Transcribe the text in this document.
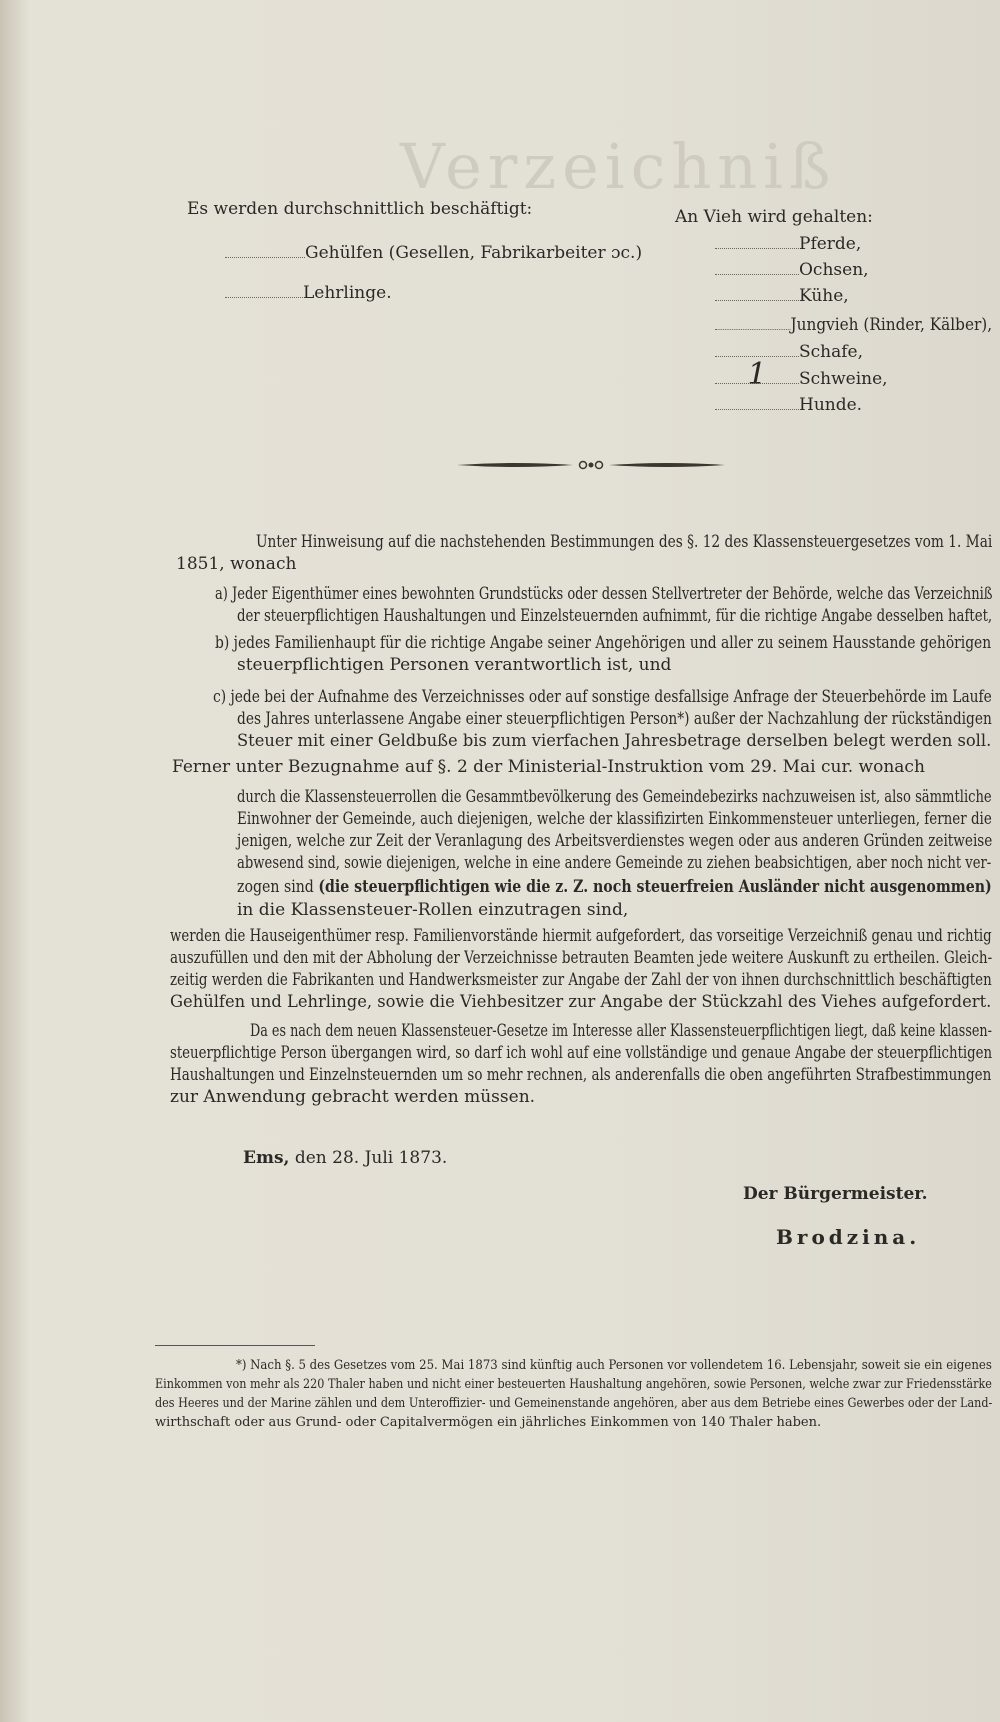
Verzeichniß
Es werden durchschnittlich beschäftigt:
Gehülfen (Gesellen, Fabrikarbeiter ɔc.)
Lehrlinge.
An Vieh wird gehalten:
Pferde,
Ochsen,
Kühe,
Jungvieh (Rinder, Kälber),
Schafe,
1 Schweine,
Hunde.
Unter Hinweisung auf die nachstehenden Bestimmungen des §. 12 des Klassensteuergesetzes vom 1. Mai
1851, wonach
a) Jeder Eigenthümer eines bewohnten Grundstücks oder dessen Stellvertreter der Behörde, welche das Verzeichniß
der steuerpflichtigen Haushaltungen und Einzelsteuernden aufnimmt, für die richtige Angabe desselben haftet,
b) jedes Familienhaupt für die richtige Angabe seiner Angehörigen und aller zu seinem Hausstande gehörigen
steuerpflichtigen Personen verantwortlich ist, und
c) jede bei der Aufnahme des Verzeichnisses oder auf sonstige desfallsige Anfrage der Steuerbehörde im Laufe
des Jahres unterlassene Angabe einer steuerpflichtigen Person*) außer der Nachzahlung der rückständigen
Steuer mit einer Geldbuße bis zum vierfachen Jahresbetrage derselben belegt werden soll.
Ferner unter Bezugnahme auf §. 2 der Ministerial-Instruktion vom 29. Mai cur. wonach
durch die Klassensteuerrollen die Gesammtbevölkerung des Gemeindebezirks nachzuweisen ist, also sämmtliche
Einwohner der Gemeinde, auch diejenigen, welche der klassifizirten Einkommensteuer unterliegen, ferner die
jenigen, welche zur Zeit der Veranlagung des Arbeitsverdienstes wegen oder aus anderen Gründen zeitweise
abwesend sind, sowie diejenigen, welche in eine andere Gemeinde zu ziehen beabsichtigen, aber noch nicht ver-
zogen sind (die steuerpflichtigen wie die z. Z. noch steuerfreien Ausländer nicht ausgenommen)
in die Klassensteuer-Rollen einzutragen sind,
werden die Hauseigenthümer resp. Familienvorstände hiermit aufgefordert, das vorseitige Verzeichniß genau und richtig
auszufüllen und den mit der Abholung der Verzeichnisse betrauten Beamten jede weitere Auskunft zu ertheilen. Gleich-
zeitig werden die Fabrikanten und Handwerksmeister zur Angabe der Zahl der von ihnen durchschnittlich beschäftigten
Gehülfen und Lehrlinge, sowie die Viehbesitzer zur Angabe der Stückzahl des Viehes aufgefordert.
Da es nach dem neuen Klassensteuer-Gesetze im Interesse aller Klassensteuerpflichtigen liegt, daß keine klassen-
steuerpflichtige Person übergangen wird, so darf ich wohl auf eine vollständige und genaue Angabe der steuerpflichtigen
Haushaltungen und Einzelnsteuernden um so mehr rechnen, als anderenfalls die oben angeführten Strafbestimmungen
zur Anwendung gebracht werden müssen.
Ems, den 28. Juli 1873.
Der Bürgermeister.
Brodzina.
*) Nach §. 5 des Gesetzes vom 25. Mai 1873 sind künftig auch Personen vor vollendetem 16. Lebensjahr, soweit sie ein eigenes
Einkommen von mehr als 220 Thaler haben und nicht einer besteuerten Haushaltung angehören, sowie Personen, welche zwar zur Friedensstärke
des Heeres und der Marine zählen und dem Unteroffizier- und Gemeinenstande angehören, aber aus dem Betriebe eines Gewerbes oder der Land-
wirthschaft oder aus Grund- oder Capitalvermögen ein jährliches Einkommen von 140 Thaler haben.
